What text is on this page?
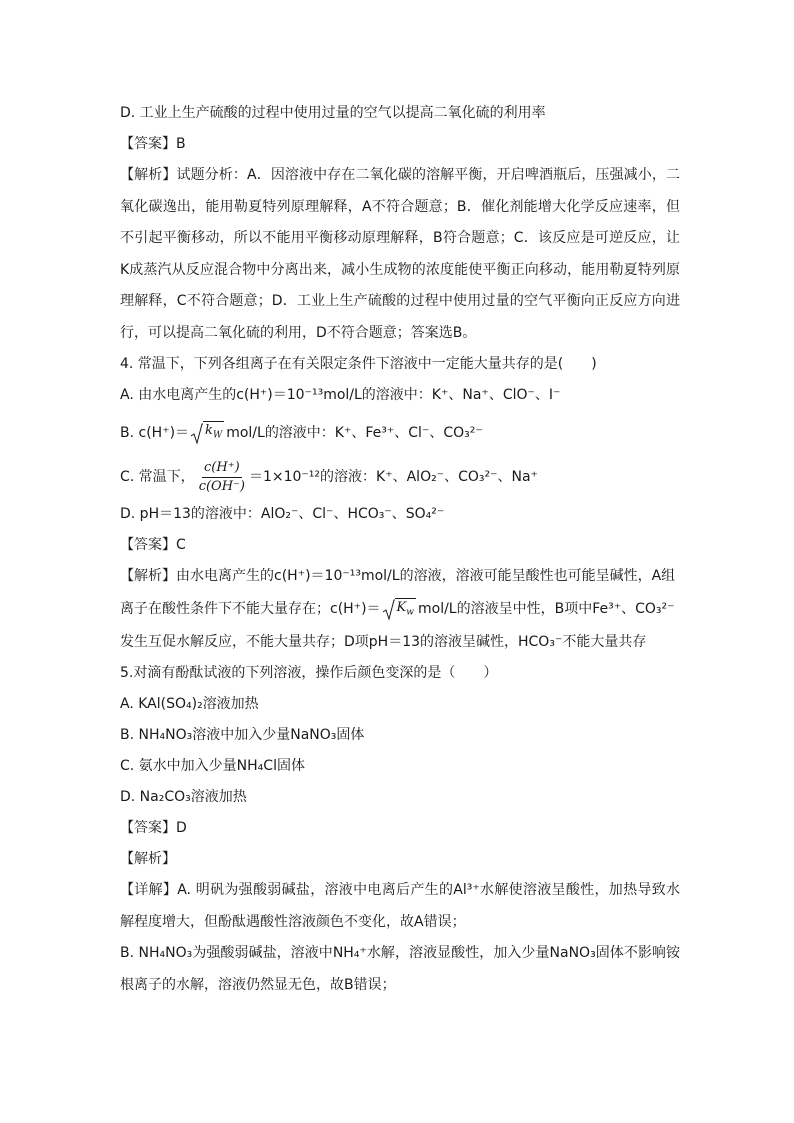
D. 工业上生产硫酸的过程中使用过量的空气以提高二氧化硫的利用率
【答案】B
【解析】试题分析：A．因溶液中存在二氧化碳的溶解平衡，开启啤酒瓶后，压强减小，二氧化碳逸出，能用勒夏特列原理解释，A不符合题意；B．催化剂能增大化学反应速率，但不引起平衡移动，所以不能用平衡移动原理解释，B符合题意；C．该反应是可逆反应，让K成蒸汽从反应混合物中分离出来，减小生成物的浓度能使平衡正向移动，能用勒夏特列原理解释，C不符合题意；D．工业上生产硫酸的过程中使用过量的空气平衡向正反应方向进行，可以提高二氧化硫的利用，D不符合题意；答案选B。
4. 常温下，下列各组离子在有关限定条件下溶液中一定能大量共存的是(　　)
A. 由水电离产生的c(H⁺)＝10⁻¹³mol/L的溶液中：K⁺、Na⁺、ClO⁻、I⁻
B. $c(H^+)= k_W$ mol/L的溶液中：K⁺、Fe³⁺、Cl⁻、CO₃²⁻
C. 常温下， $\frac{c(H^+)}{c(OH^-)} =1\times 10^{-12}$的溶液：K⁺、AlO₂⁻、CO₃²⁻、Na⁺
D. pH＝13的溶液中：AlO₂⁻、Cl⁻、HCO₃⁻、SO₄²⁻
【答案】C
【解析】由水电离产生的c(H⁺)＝10⁻¹³mol/L的溶液，溶液可能呈酸性也可能呈碱性，A组
离子在酸性条件下不能大量存在；$c(H^+)= K_w$ mol/L的溶液呈中性，B项中Fe³⁺、CO₃²⁻
发生互促水解反应，不能大量共存；D项pH＝13的溶液呈碱性，HCO₃⁻不能大量共存
5.对滴有酚酞试液的下列溶液，操作后颜色变深的是（　　）
A. KAl(SO₄)₂溶液加热
B. NH₄NO₃溶液中加入少量NaNO₃固体
C. 氨水中加入少量NH₄Cl固体
D. Na₂CO₃溶液加热
【答案】D
【解析】
【详解】A. 明矾为强酸弱碱盐，溶液中电离后产生的Al³⁺水解使溶液呈酸性，加热导致水解程度增大，但酚酞遇酸性溶液颜色不变化，故A错误；
B. NH₄NO₃为强酸弱碱盐，溶液中NH₄⁺水解，溶液显酸性，加入少量NaNO₃固体不影响铵根离子的水解，溶液仍然显无色，故B错误；
